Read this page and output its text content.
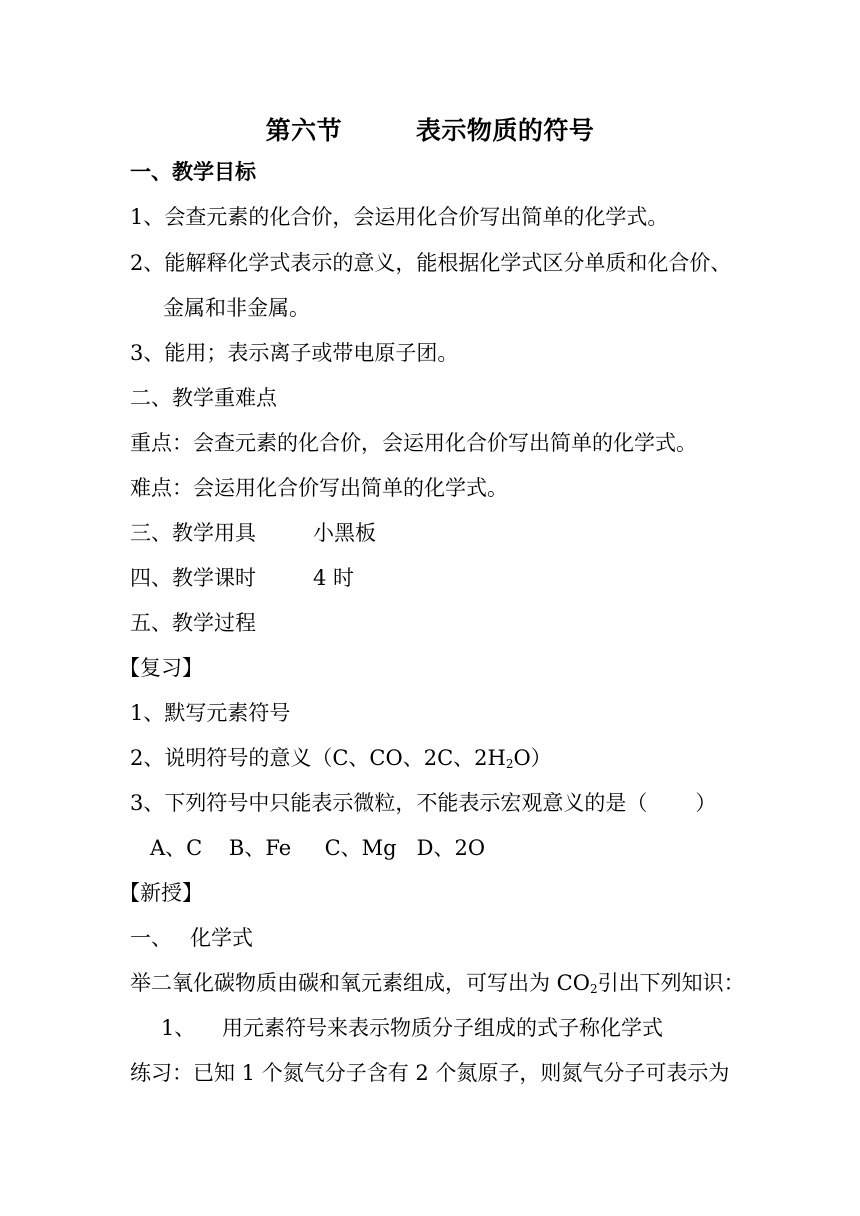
第六节	表示物质的符号
一、教学目标
1、会查元素的化合价，会运用化合价写出简单的化学式。
2、能解释化学式表示的意义，能根据化学式区分单质和化合价、
金属和非金属。
3、能用；表示离子或带电原子团。
二、教学重难点
重点：会查元素的化合价，会运用化合价写出简单的化学式。
难点：会运用化合价写出简单的化学式。
三、教学用具	小黑板
四、教学课时	4 时
五、教学过程
【复习】
1、默写元素符号
2、说明符号的意义（C、CO、2C、$2H_2O$）
3、下列符号中只能表示微粒，不能表示宏观意义的是（ ）
A、C    B、Fe     C、Mg   D、2O
【新授】
一、 化学式
举二氧化碳物质由碳和氧元素组成，可写出为 $CO_2$引出下列知识：
1、 用元素符号来表示物质分子组成的式子称化学式
练习：已知 1 个氮气分子含有 2 个氮原子，则氮气分子可表示为
